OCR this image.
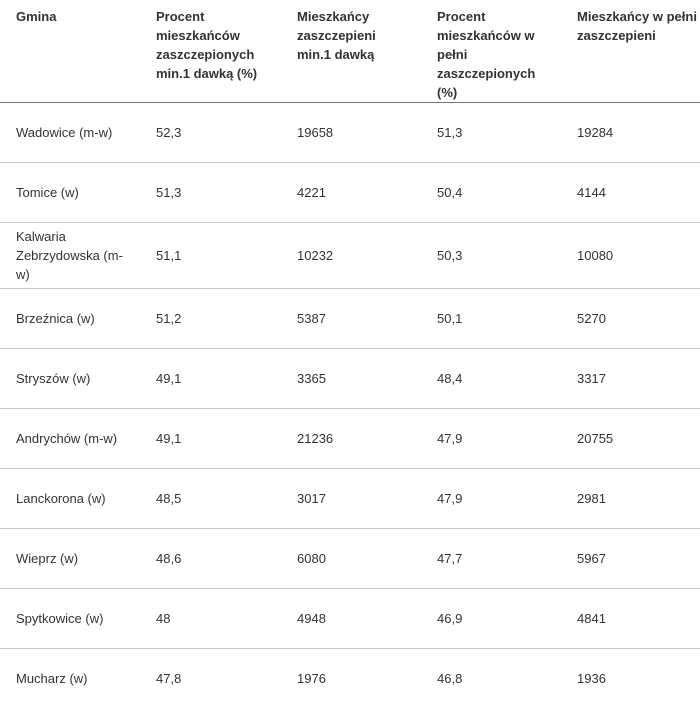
Gmina	Procent mieszkańców zaszczepionych min.1 dawką (%)	Mieszkańcy zaszczepieni min.1 dawką	Procent mieszkańców w pełni zaszczepionych (%)	Mieszkańcy w pełni zaszczepieni
Wadowice (m-w)	52,3	19658	51,3	19284
Tomice (w)	51,3	4221	50,4	4144
Kalwaria Zebrzydowska (m-w)	51,1	10232	50,3	10080
Brzeźnica (w)	51,2	5387	50,1	5270
Stryszów (w)	49,1	3365	48,4	3317
Andrychów (m-w)	49,1	21236	47,9	20755
Lanckorona (w)	48,5	3017	47,9	2981
Wieprz (w)	48,6	6080	47,7	5967
Spytkowice (w)	48	4948	46,9	4841
Mucharz (w)	47,8	1976	46,8	1936
